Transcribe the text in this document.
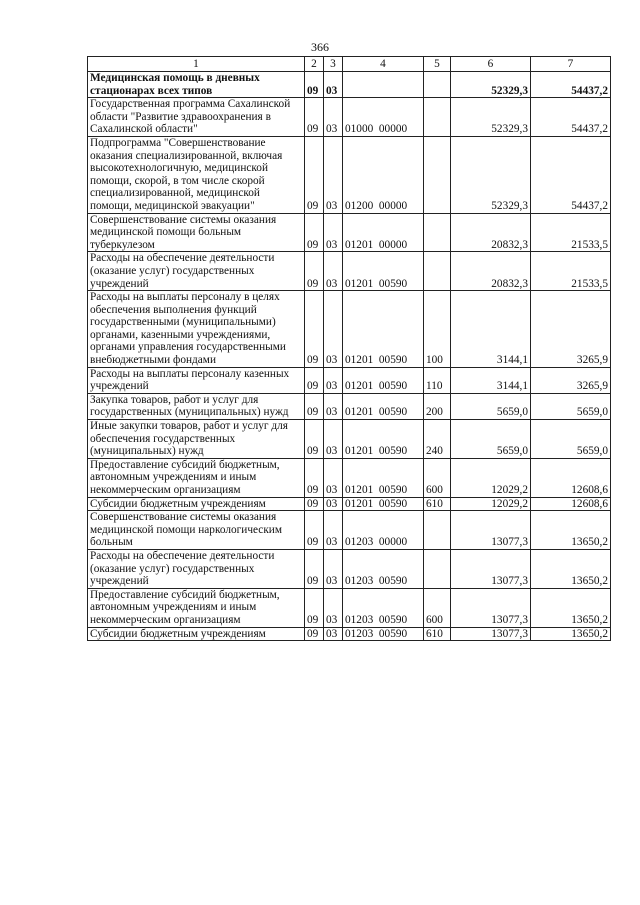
366
1	2	3	4	5	6	7
Медицинская помощь в дневных стационарах всех типов	09	03			52329,3	54437,2
Государственная программа Сахалинской области "Развитие здравоохранения в Сахалинской области"	09	03	01000  00000		52329,3	54437,2
Подпрограмма "Совершенствование оказания специализированной, включая высокотехнологичную, медицинской помощи, скорой, в том числе скорой специализированной, медицинской помощи, медицинской эвакуации"	09	03	01200  00000		52329,3	54437,2
Совершенствование системы оказания медицинской помощи больным туберкулезом	09	03	01201  00000		20832,3	21533,5
Расходы на обеспечение деятельности (оказание услуг) государственных учреждений	09	03	01201  00590		20832,3	21533,5
Расходы на выплаты персоналу в целях обеспечения выполнения функций государственными (муниципальными) органами, казенными учреждениями, органами управления государственными внебюджетными фондами	09	03	01201  00590	100	3144,1	3265,9
Расходы на выплаты персоналу казенных учреждений	09	03	01201  00590	110	3144,1	3265,9
Закупка товаров, работ и услуг для государственных (муниципальных) нужд	09	03	01201  00590	200	5659,0	5659,0
Иные закупки товаров, работ и услуг для обеспечения государственных (муниципальных) нужд	09	03	01201  00590	240	5659,0	5659,0
Предоставление субсидий бюджетным, автономным учреждениям и иным некоммерческим организациям	09	03	01201  00590	600	12029,2	12608,6
Субсидии бюджетным учреждениям	09	03	01201  00590	610	12029,2	12608,6
Совершенствование системы оказания медицинской помощи наркологическим больным	09	03	01203  00000		13077,3	13650,2
Расходы на обеспечение деятельности (оказание услуг) государственных учреждений	09	03	01203  00590		13077,3	13650,2
Предоставление субсидий бюджетным, автономным учреждениям и иным некоммерческим организациям	09	03	01203  00590	600	13077,3	13650,2
Субсидии бюджетным учреждениям	09	03	01203  00590	610	13077,3	13650,2
